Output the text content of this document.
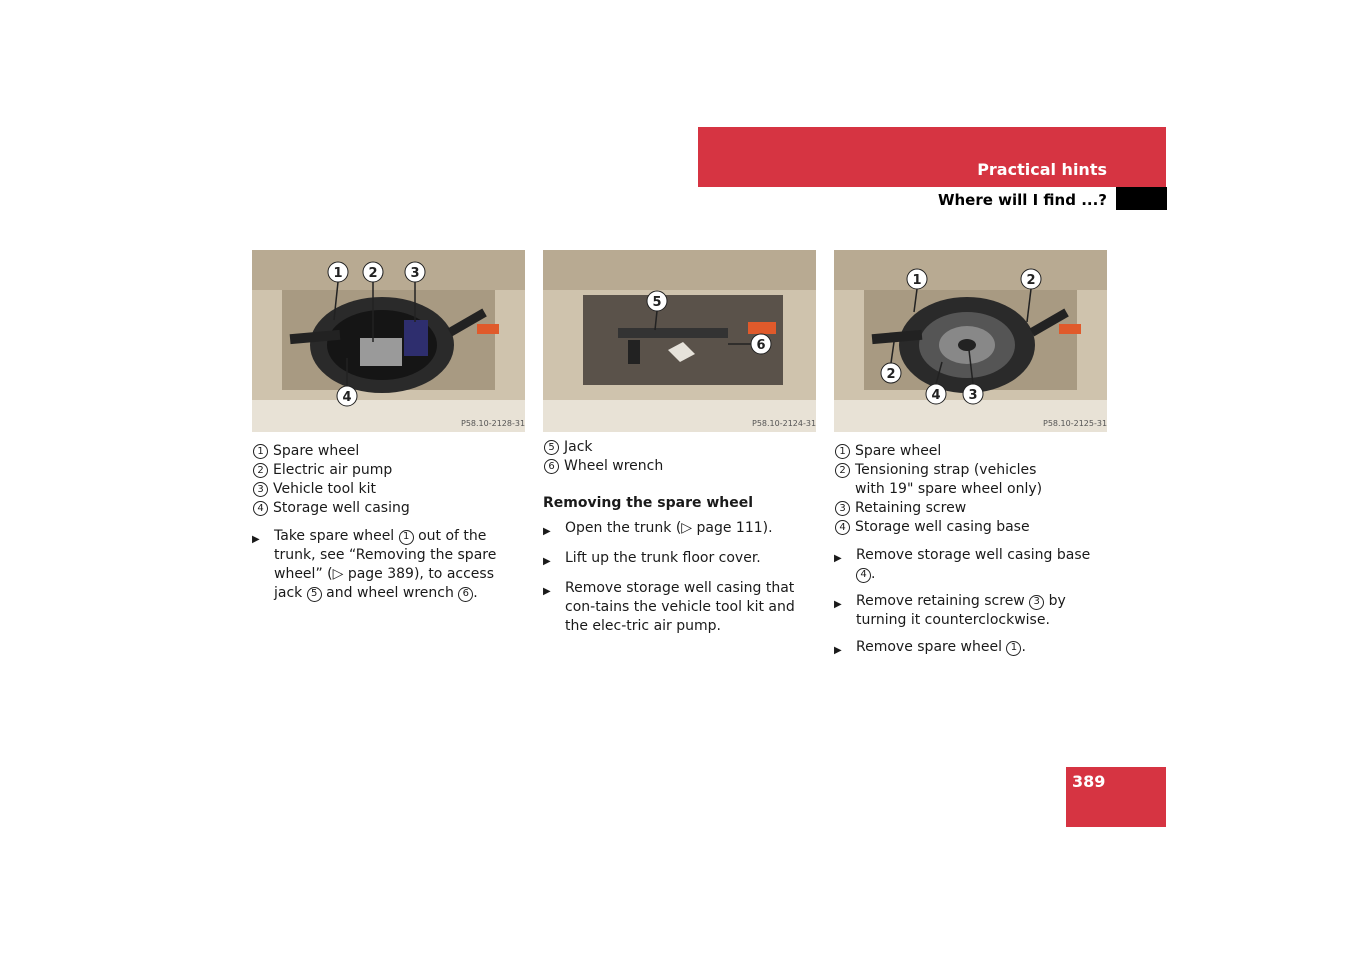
Practical hints
Where will I find ...?
P58.10-2128-31
1 2	3
4
1 Spare wheel
2 Electric air pump
3 Vehicle tool kit
4 Storage well casing
▶	Take spare wheel 1 out of the trunk, see “Removing the spare wheel” (▷ page 389), to access jack 5 and wheel wrench 6 .
P58.10-2124-31
5
6
5 Jack
6 Wheel wrench
Removing the spare wheel
▶	Open the trunk (▷ page 111).
▶	Lift up the trunk floor cover.
▶	Remove storage well casing that con-tains the vehicle tool kit and the elec-tric air pump.
P58.10-2125-31
1	2
2
4 3
1 Spare wheel
2 Tensioning strap (vehicles with 19" spare wheel only)
3 Retaining screw
4 Storage well casing base
▶	Remove storage well casing base 4 .
▶	Remove retaining screw 3 by turning it counterclockwise.
▶	Remove spare wheel 1 .
389
